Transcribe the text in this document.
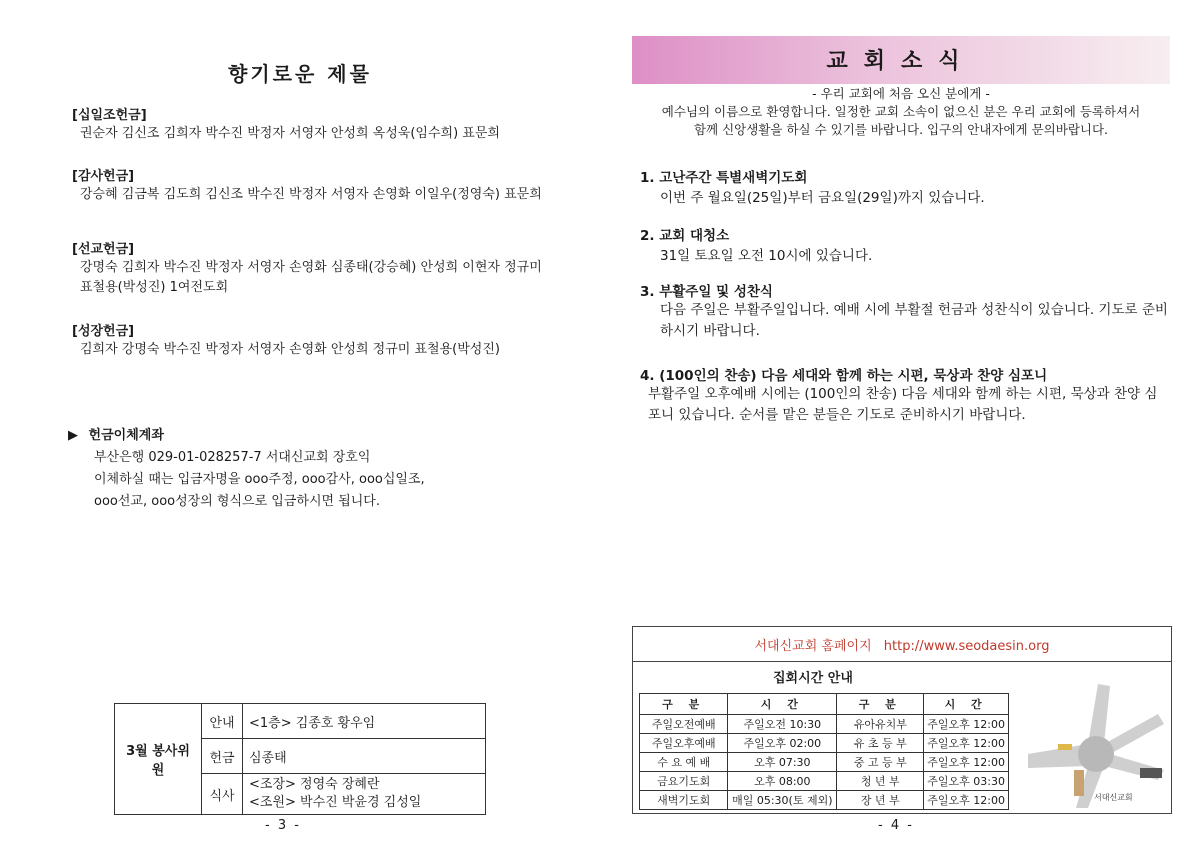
향기로운 제물
[십일조헌금]
권순자 김신조 김희자 박수진 박정자 서영자 안성희 옥성욱(임수희) 표문희
[감사헌금]
강승혜 김금복 김도희 김신조 박수진 박정자 서영자 손영화 이일우(정영숙) 표문희
[선교헌금]
강명숙 김희자 박수진 박정자 서영자 손영화 심종태(강승혜) 안성희 이현자 정규미 표철용(박성진) 1여전도회
[성장헌금]
김희자 강명숙 박수진 박정자 서영자 손영화 안성희 정규미 표철용(박성진)
▶ 헌금이체계좌
부산은행 029-01-028257-7 서대신교회 장호익
이체하실 때는 입금자명을 ooo주정, ooo감사, ooo십일조,
ooo선교, ooo성장의 형식으로 입금하시면 됩니다.
3월 봉사위원	안내	<1층> 김종호 황우임
	헌금	심종태
	식사	<조장> 정영숙 장혜란
<조원> 박수진 박윤경 김성일
- 3 -
교회소식
- 우리 교회에 처음 오신 분에게 -
예수님의 이름으로 환영합니다. 일정한 교회 소속이 없으신 분은 우리 교회에 등록하셔서
함께 신앙생활을 하실 수 있기를 바랍니다. 입구의 안내자에게 문의바랍니다.
1. 고난주간 특별새벽기도회
이번 주 월요일(25일)부터 금요일(29일)까지 있습니다.
2. 교회 대청소
31일 토요일 오전 10시에 있습니다.
3. 부활주일 및 성찬식
다음 주일은 부활주일입니다. 예배 시에 부활절 헌금과 성찬식이 있습니다. 기도로 준비하시기 바랍니다.
4. (100인의 찬송) 다음 세대와 함께 하는 시편, 묵상과 찬양 심포니
부활주일 오후예배 시에는 (100인의 찬송) 다음 세대와 함께 하는 시편, 묵상과 찬양 심포니 있습니다. 순서를 맡은 분들은 기도로 준비하시기 바랍니다.
서대신교회 홈페이지 http://www.seodaesin.org
집회시간 안내
구 분	시 간	구 분	시 간
주일오전예배	주일오전 10:30	유아유치부	주일오후 12:00
주일오후예배	주일오후 02:00	유 초 등 부	주일오후 12:00
수 요 예 배	오후 07:30	중 고 등 부	주일오후 12:00
금요기도회	오후 08:00	청 년 부	주일오후 03:30
새벽기도회	매일 05:30(토 제외)	장 년 부	주일오후 12:00	서대신교회
- 4 -
